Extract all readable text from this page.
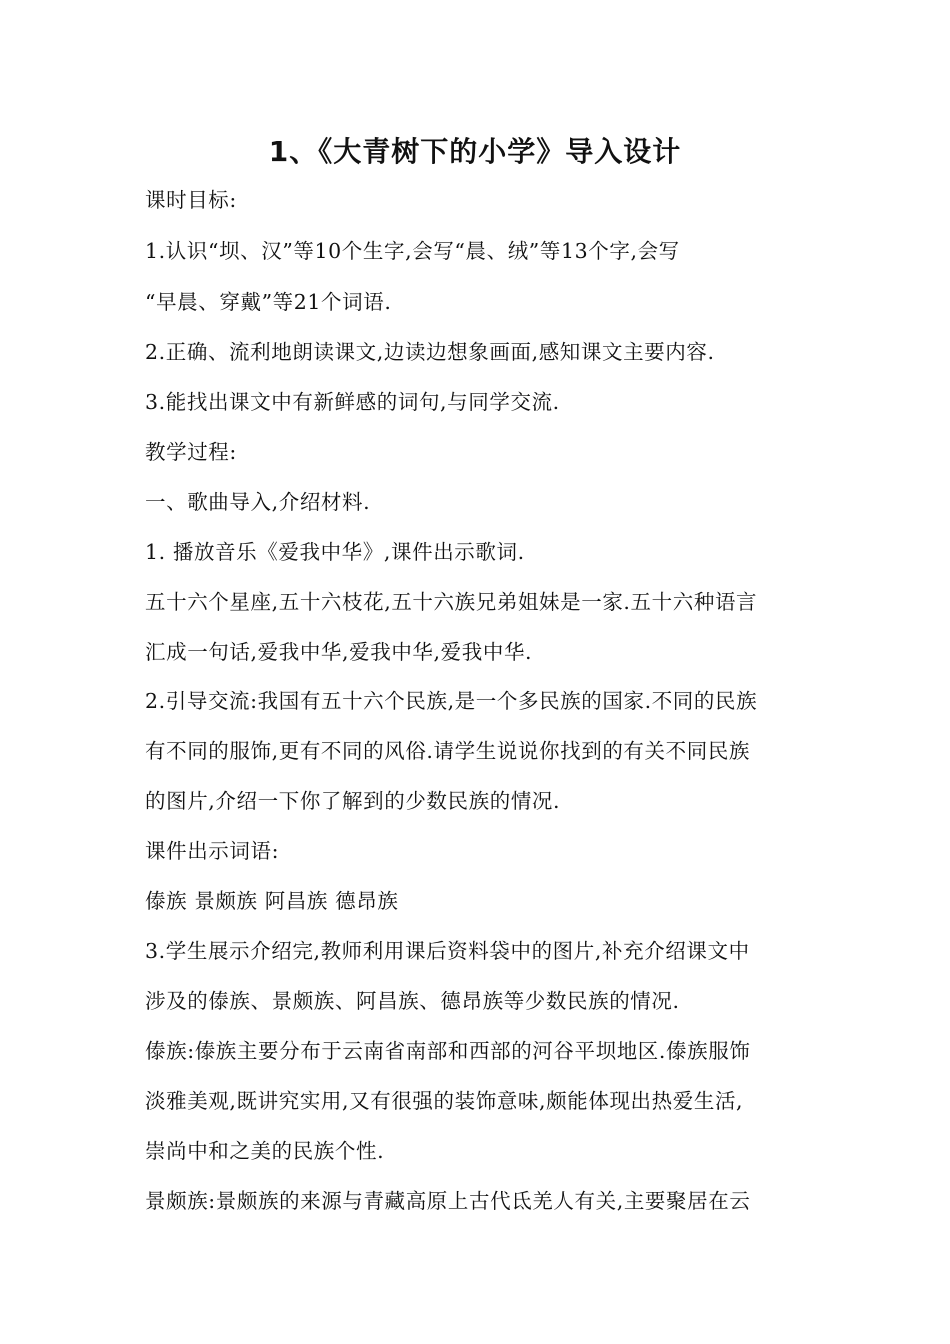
1、《大青树下的小学》导入设计
课时目标:
1.认识“坝、汉”等10个生字,会写“晨、绒”等13个字,会写
“早晨、穿戴”等21个词语.
2.正确、流利地朗读课文,边读边想象画面,感知课文主要内容.
3.能找出课文中有新鲜感的词句,与同学交流.
教学过程:
一、歌曲导入,介绍材料.
1. 播放音乐《爱我中华》,课件出示歌词.
五十六个星座,五十六枝花,五十六族兄弟姐妹是一家.五十六种语言
汇成一句话,爱我中华,爱我中华,爱我中华.
2.引导交流:我国有五十六个民族,是一个多民族的国家.不同的民族
有不同的服饰,更有不同的风俗.请学生说说你找到的有关不同民族
的图片,介绍一下你了解到的少数民族的情况.
课件出示词语:
傣族 景颇族 阿昌族 德昂族
3.学生展示介绍完,教师利用课后资料袋中的图片,补充介绍课文中
涉及的傣族、景颇族、阿昌族、德昂族等少数民族的情况.
傣族:傣族主要分布于云南省南部和西部的河谷平坝地区.傣族服饰
淡雅美观,既讲究实用,又有很强的装饰意味,颇能体现出热爱生活,
崇尚中和之美的民族个性.
景颇族:景颇族的来源与青藏高原上古代氐羌人有关,主要聚居在云
